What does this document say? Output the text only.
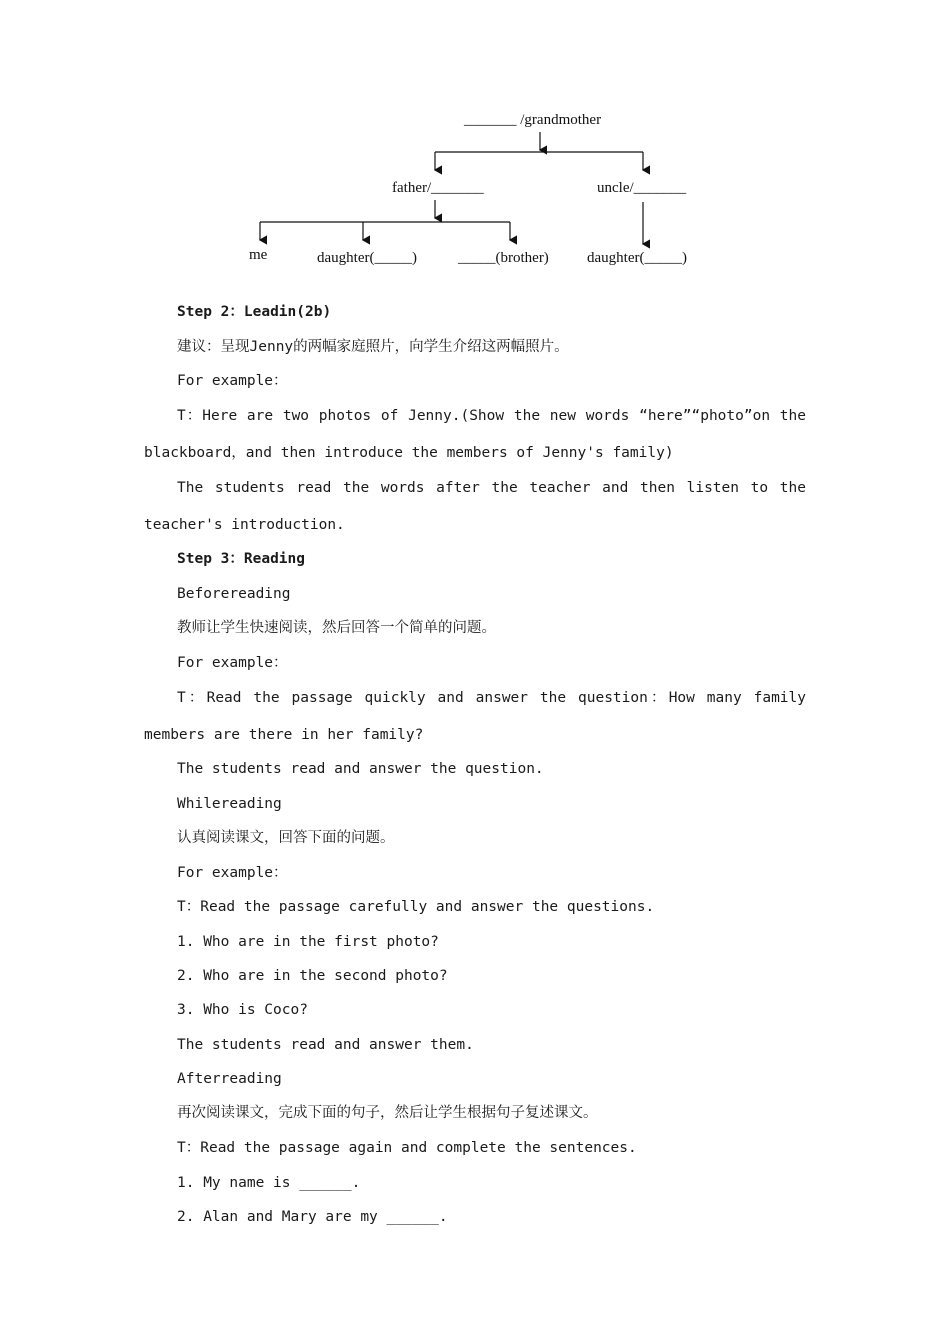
_______ /grandmother
father/_______	uncle/_______
me	daughter(_____)	_____(brother)	daughter(_____)
Step 2：Leadin(2b)
建议：呈现Jenny的两幅家庭照片，向学生介绍这两幅照片。
For example：
T：Here are two photos of Jenny.(Show the new words “here”“photo”on the
blackboard，and then introduce the members of Jenny's family)
The students read the words after the teacher and then listen to the
teacher's introduction.
Step 3：Reading
Beforereading
教师让学生快速阅读，然后回答一个简单的问题。
For example：
T：Read the passage quickly and answer the question：How many family
members are there in her family?
The students read and answer the question.
Whilereading
认真阅读课文，回答下面的问题。
For example：
T：Read the passage carefully and answer the questions.
1. Who are in the first photo?
2. Who are in the second photo?
3. Who is Coco?
The students read and answer them.
Afterreading
再次阅读课文，完成下面的句子，然后让学生根据句子复述课文。
T：Read the passage again and complete the sentences.
1. My name is ______.
2. Alan and Mary are my ______.
